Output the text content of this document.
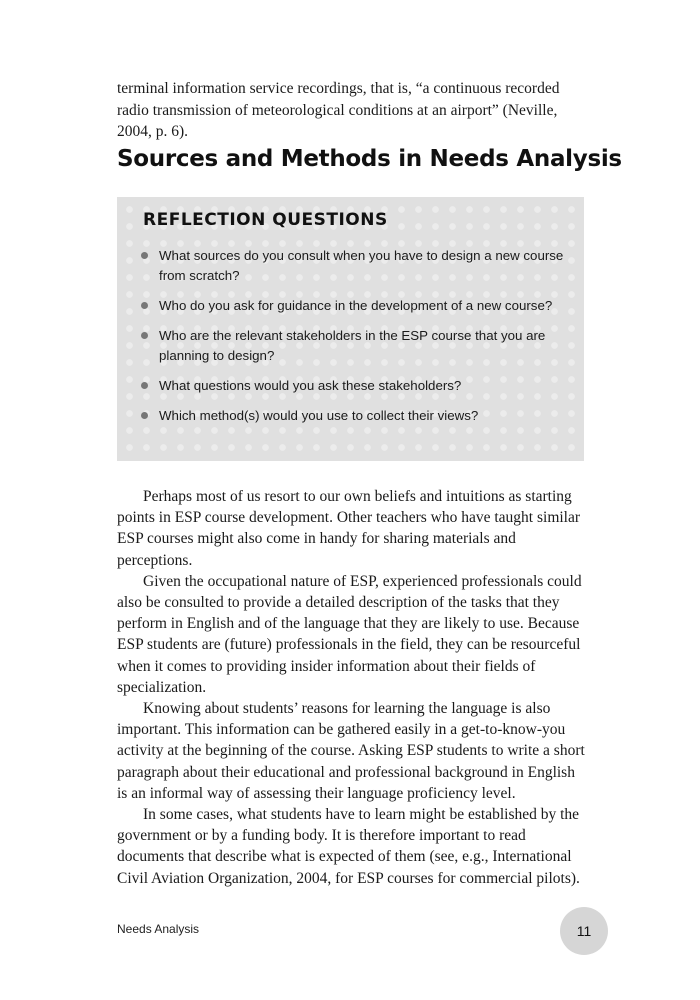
terminal information service recordings, that is, “a continuous recorded radio transmission of meteorological conditions at an airport” (Neville, 2004, p. 6).

Sources and Methods in Needs Analysis
REFLECTION QUESTIONS
What sources do you consult when you have to design a new course from scratch?
Who do you ask for guidance in the development of a new course?
Who are the relevant stakeholders in the ESP course that you are planning to design?
What questions would you ask these stakeholders?
Which method(s) would you use to collect their views?

Perhaps most of us resort to our own beliefs and intuitions as starting points in ESP course development. Other teachers who have taught similar ESP courses might also come in handy for sharing materials and perceptions.

Given the occupational nature of ESP, experienced professionals could also be consulted to provide a detailed description of the tasks that they perform in English and of the language that they are likely to use. Because ESP students are (future) professionals in the field, they can be resourceful when it comes to providing insider information about their fields of specialization.

Knowing about students’ reasons for learning the language is also important. This information can be gathered easily in a get-to-know-you activity at the beginning of the course. Asking ESP students to write a short paragraph about their educational and professional background in English is an informal way of assessing their language proficiency level.

In some cases, what students have to learn might be established by the government or by a funding body. It is therefore important to read documents that describe what is expected of them (see, e.g., International Civil Aviation Organization, 2004, for ESP courses for commercial pilots).

Needs Analysis	11
